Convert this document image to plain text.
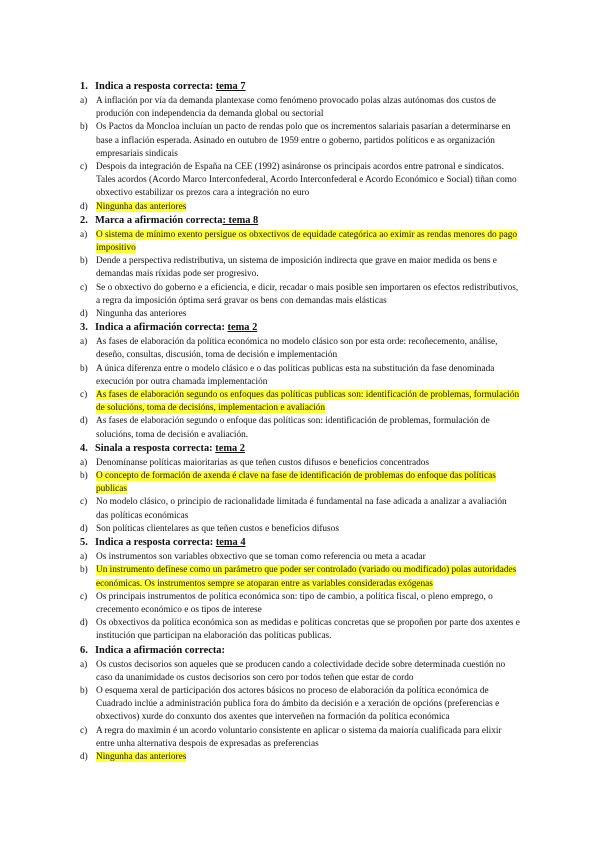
1. Indica a resposta correcta: tema 7
a) A inflación por vía da demanda plantexase como fenómeno provocado polas alzas autónomas dos custos de produción con independencia da demanda global ou sectorial
b) Os Pactos da Moncloa incluían un pacto de rendas polo que os incrementos salariais pasarían a determinarse en base a inflación esperada. Asinado en outubro de 1959 entre o goberno, partidos políticos e as organización empresariais sindicais
c) Despois da integración de España na CEE (1992) asináronse os principais acordos entre patronal e sindicatos. Tales acordos (Acordo Marco Interconfederal, Acordo Interconfederal e Acordo Económico e Social) tiñan como obxectivo estabilizar os prezos cara a integración no euro
d) Ningunha das anteriores
2. Marca a afirmación correcta: tema 8
a) O sistema de mínimo exento persigue os obxectivos de equidade categórica ao eximir as rendas menores do pago impositivo
b) Dende a perspectiva redistributiva, un sistema de imposición indirecta que grave en maior medida os bens e demandas mais ríxidas pode ser progresivo.
c) Se o obxectivo do goberno e a eficiencia, e dicir, recadar o mais posible sen importaren os efectos redistributivos, a regra da imposición óptima será gravar os bens con demandas mais elásticas
d) Ningunha das anteriores
3. Indica a afirmación correcta: tema 2
a) As fases de elaboración da política económica no modelo clásico son por esta orde: recoñecemento, análise, deseño, consultas, discusión, toma de decisión e implementación
b) A única diferenza entre o modelo clásico e o das políticas publicas esta na substitución da fase denominada execución por outra chamada implementación
c) As fases de elaboración segundo os enfoques das políticas publicas son: identificación de problemas, formulación de solucións, toma de decisións, implementacion e avaliación
d) As fases de elaboración segundo o enfoque das políticas son: identificación de problemas, formulación de solucións, toma de decisión e avaliación.
4. Sinala a resposta correcta: tema 2
a) Denomínanse políticas maioritarias as que teñen custos difusos e beneficios concentrados
b) O concepto de formación de axenda é clave na fase de identificación de problemas do enfoque das políticas publicas
c) No modelo clásico, o principio de racionalidade limitada é fundamental na fase adicada a analizar a avaliación das políticas económicas
d) Son políticas clientelares as que teñen custos e beneficios difusos
5. Indica a resposta correcta: tema 4
a) Os instrumentos son variables obxectivo que se toman como referencia ou meta a acadar
b) Un instrumento defínese como un parámetro que poder ser controlado (variado ou modificado) polas autoridades económicas. Os instrumentos sempre se atoparan entre as variables consideradas exógenas
c) Os principais instrumentos de política económica son: tipo de cambio, a política fiscal, o pleno emprego, o crecemento económico e os tipos de interese
d) Os obxectivos da política económica son as medidas e políticas concretas que se propoñen por parte dos axentes e institución que participan na elaboración das políticas publicas.
6. Indica a afirmación correcta:
a) Os custos decisorios son aqueles que se producen cando a colectividade decide sobre determinada cuestión no caso da unanimidade os custos decisorios son cero por todos teñen que estar de cordo
b) O esquema xeral de participación dos actores básicos no proceso de elaboración da política económica de Cuadrado inclúe a administración publica fora do ámbito da decisión e a xeración de opcións (preferencias e obxectivos) xurde do conxunto dos axentes que interveñen na formación da política económica
c) A regra do maximin é un acordo voluntario consistente en aplicar o sistema da maioría cualificada para elixir entre unha alternativa despois de expresadas as preferencias
d) Ningunha das anteriores
